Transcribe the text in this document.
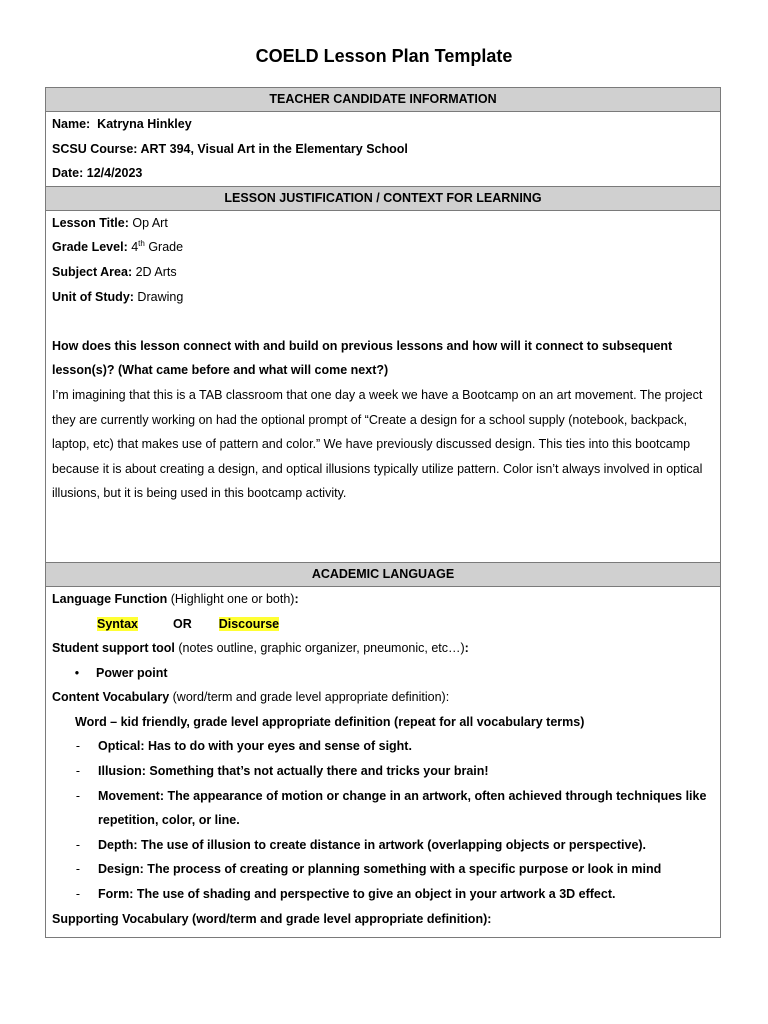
COELD Lesson Plan Template
TEACHER CANDIDATE INFORMATION
Name: Katryna Hinkley
SCSU Course: ART 394, Visual Art in the Elementary School
Date: 12/4/2023
LESSON JUSTIFICATION / CONTEXT FOR LEARNING
Lesson Title: Op Art
Grade Level: 4th Grade
Subject Area: 2D Arts
Unit of Study: Drawing
How does this lesson connect with and build on previous lessons and how will it connect to subsequent lesson(s)? (What came before and what will come next?)
I’m imagining that this is a TAB classroom that one day a week we have a Bootcamp on an art movement. The project they are currently working on had the optional prompt of “Create a design for a school supply (notebook, backpack, laptop, etc) that makes use of pattern and color.” We have previously discussed design. This ties into this bootcamp because it is about creating a design, and optical illusions typically utilize pattern. Color isn’t always involved in optical illusions, but it is being used in this bootcamp activity.
ACADEMIC LANGUAGE
Language Function (Highlight one or both):
Syntax	OR Discourse
Student support tool (notes outline, graphic organizer, pneumonic, etc…):
•	Power point
Content Vocabulary (word/term and grade level appropriate definition):
Word – kid friendly, grade level appropriate definition (repeat for all vocabulary terms)
-	Optical: Has to do with your eyes and sense of sight.
-	Illusion: Something that’s not actually there and tricks your brain!
-	Movement: The appearance of motion or change in an artwork, often achieved through techniques like repetition, color, or line.
-	Depth: The use of illusion to create distance in artwork (overlapping objects or perspective).
-	Design: The process of creating or planning something with a specific purpose or look in mind
-	Form: The use of shading and perspective to give an object in your artwork a 3D effect.
Supporting Vocabulary (word/term and grade level appropriate definition):
